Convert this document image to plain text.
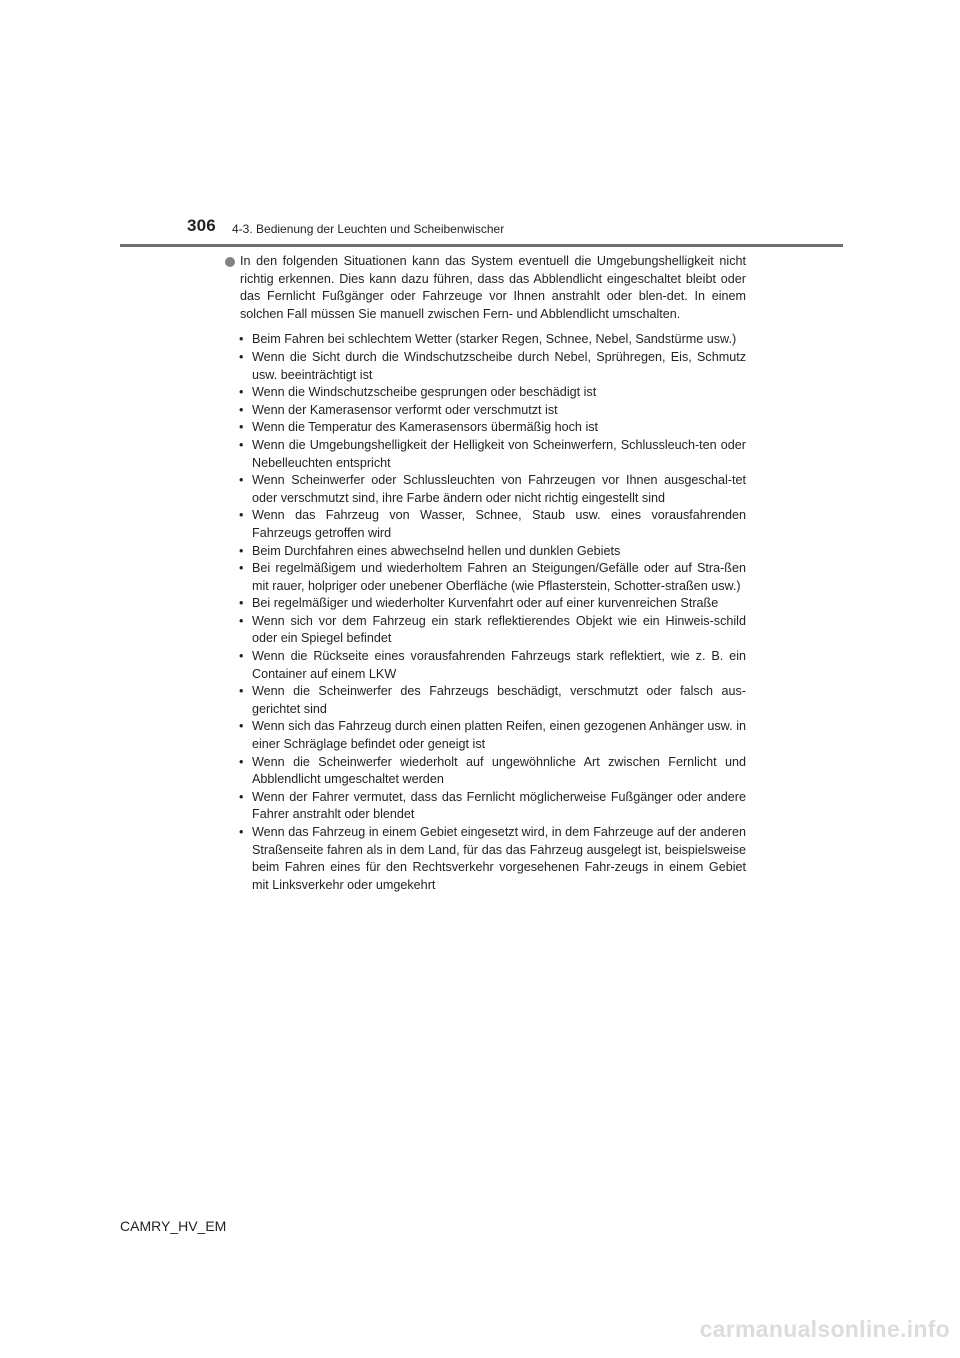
306 4-3. Bedienung der Leuchten und Scheibenwischer

In den folgenden Situationen kann das System eventuell die Umgebungshelligkeit nicht richtig erkennen. Dies kann dazu führen, dass das Abblendlicht eingeschaltet bleibt oder das Fernlicht Fußgänger oder Fahrzeuge vor Ihnen anstrahlt oder blen-det. In einem solchen Fall müssen Sie manuell zwischen Fern- und Abblendlicht umschalten.

• Beim Fahren bei schlechtem Wetter (starker Regen, Schnee, Nebel, Sandstürme usw.)
• Wenn die Sicht durch die Windschutzscheibe durch Nebel, Sprühregen, Eis, Schmutz usw. beeinträchtigt ist
• Wenn die Windschutzscheibe gesprungen oder beschädigt ist
• Wenn der Kamerasensor verformt oder verschmutzt ist
• Wenn die Temperatur des Kamerasensors übermäßig hoch ist
• Wenn die Umgebungshelligkeit der Helligkeit von Scheinwerfern, Schlussleuch-ten oder Nebelleuchten entspricht
• Wenn Scheinwerfer oder Schlussleuchten von Fahrzeugen vor Ihnen ausgeschal-tet oder verschmutzt sind, ihre Farbe ändern oder nicht richtig eingestellt sind
• Wenn das Fahrzeug von Wasser, Schnee, Staub usw. eines vorausfahrenden Fahrzeugs getroffen wird
• Beim Durchfahren eines abwechselnd hellen und dunklen Gebiets
• Bei regelmäßigem und wiederholtem Fahren an Steigungen/Gefälle oder auf Stra-ßen mit rauer, holpriger oder unebener Oberfläche (wie Pflasterstein, Schotter-straßen usw.)
• Bei regelmäßiger und wiederholter Kurvenfahrt oder auf einer kurvenreichen Straße
• Wenn sich vor dem Fahrzeug ein stark reflektierendes Objekt wie ein Hinweis-schild oder ein Spiegel befindet
• Wenn die Rückseite eines vorausfahrenden Fahrzeugs stark reflektiert, wie z. B. ein Container auf einem LKW
• Wenn die Scheinwerfer des Fahrzeugs beschädigt, verschmutzt oder falsch aus-gerichtet sind
• Wenn sich das Fahrzeug durch einen platten Reifen, einen gezogenen Anhänger usw. in einer Schräglage befindet oder geneigt ist
• Wenn die Scheinwerfer wiederholt auf ungewöhnliche Art zwischen Fernlicht und Abblendlicht umgeschaltet werden
• Wenn der Fahrer vermutet, dass das Fernlicht möglicherweise Fußgänger oder andere Fahrer anstrahlt oder blendet
• Wenn das Fahrzeug in einem Gebiet eingesetzt wird, in dem Fahrzeuge auf der anderen Straßenseite fahren als in dem Land, für das das Fahrzeug ausgelegt ist, beispielsweise beim Fahren eines für den Rechtsverkehr vorgesehenen Fahr-zeugs in einem Gebiet mit Linksverkehr oder umgekehrt
CAMRY_HV_EM
carmanualsonline.info
